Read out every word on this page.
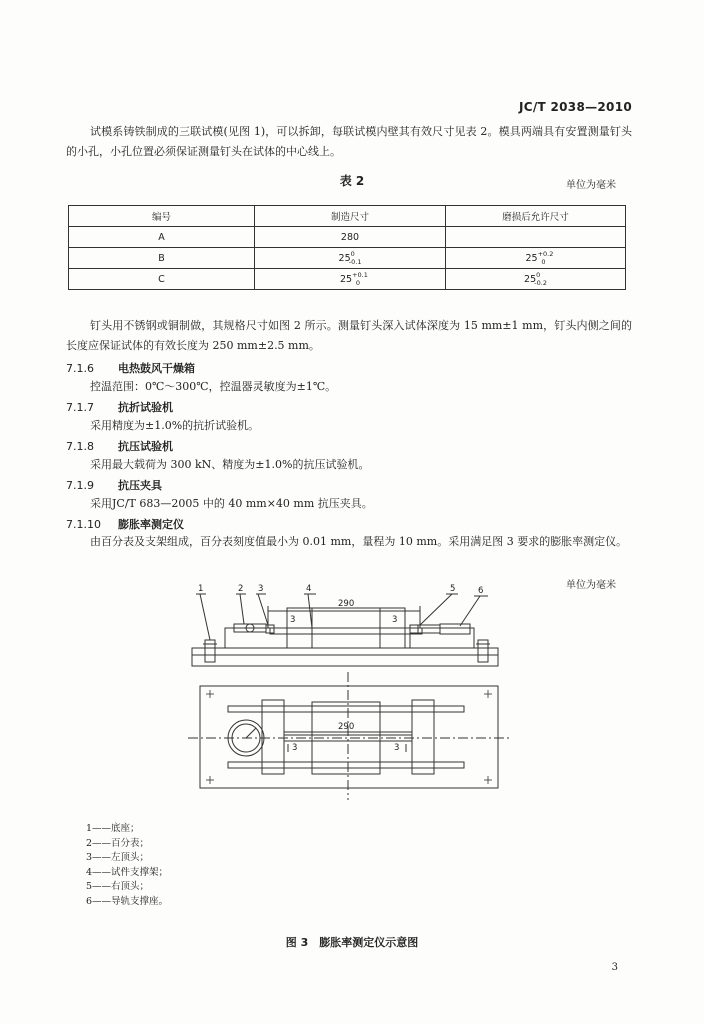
JC/T 2038—2010
试模系铸铁制成的三联试模(见图 1)，可以拆卸，每联试模内壁其有效尺寸见表 2。模具两端具有安置测量钉头的小孔，小孔位置必须保证测量钉头在试体的中心线上。
表 2	单位为毫米
编号	制造尺寸	磨损后允许尺寸
A	280	
B	$25^{0_{-0.1}}$	$25^{+0.2_0}$
C	$25^{+0.1_0}$	$25^{0_{-0.2}}$
钉头用不锈钢或铜制做，其规格尺寸如图 2 所示。测量钉头深入试体深度为 15 mm±1 mm，钉头内侧之间的长度应保证试体的有效长度为 250 mm±2.5 mm。
7.1.6 电热鼓风干燥箱
控温范围：0℃～300℃，控温器灵敏度为±1℃。
7.1.7 抗折试验机
采用精度为±1.0%的抗折试验机。
7.1.8 抗压试验机
采用最大载荷为 300 kN、精度为±1.0%的抗压试验机。
7.1.9 抗压夹具
采用JC/T 683—2005 中的 40 mm×40 mm 抗压夹具。
7.1.10 膨胀率测定仪
由百分表及支架组成，百分表刻度值最小为 0.01 mm，量程为 10 mm。采用满足图 3 要求的膨胀率测定仪。
单位为毫米
1	2 3	4	5	6
290
3	3
290
3	3
1——底座；
2——百分表；
3——左顶头；
4——试件支撑架；
5——右顶头；
6——导轨支撑座。
图 3　膨胀率测定仪示意图
3
